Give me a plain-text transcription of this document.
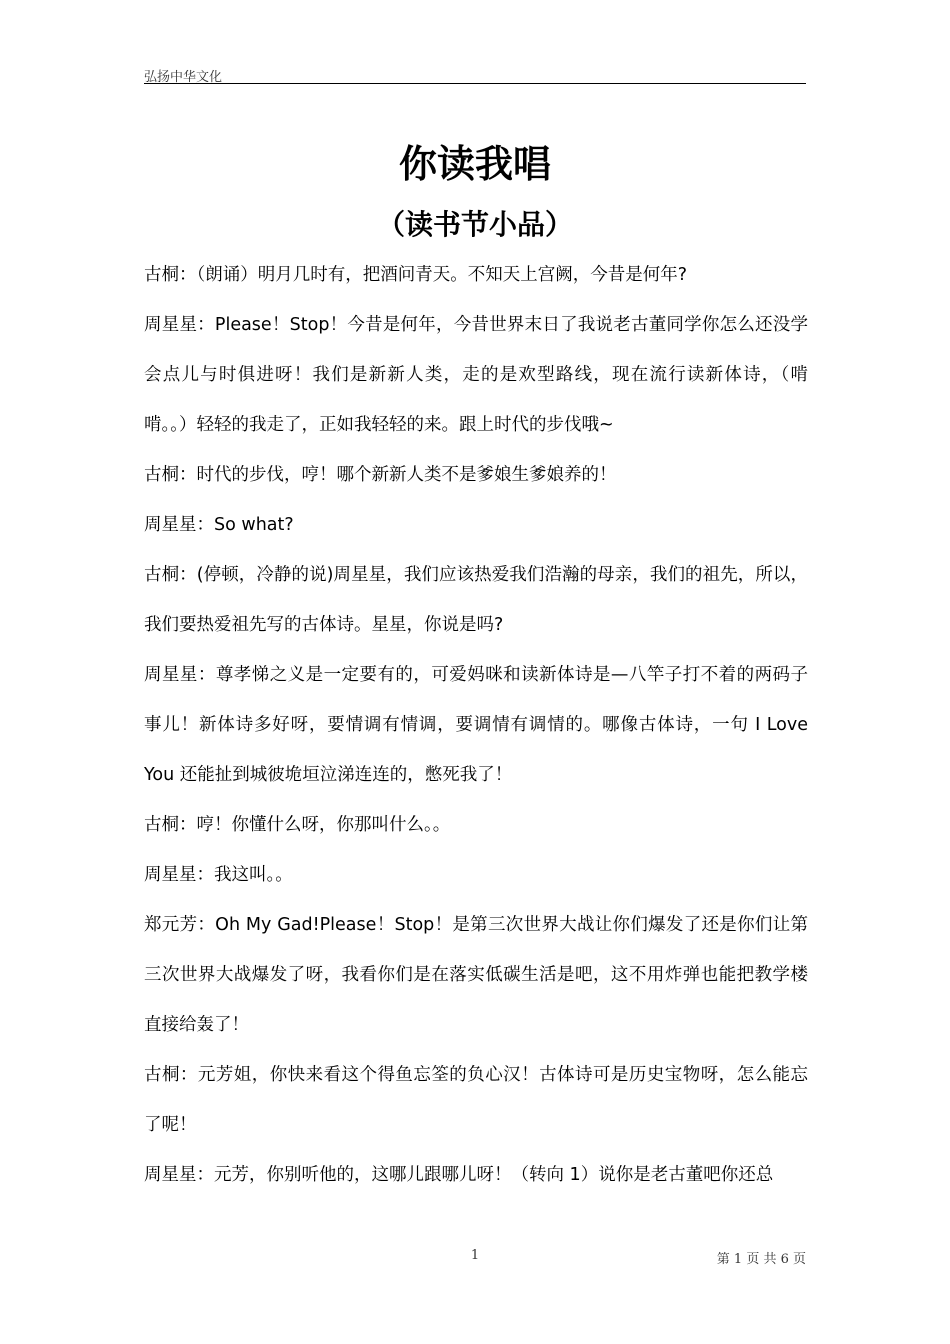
弘扬中华文化
你读我唱
（读书节小品）

古桐：（朗诵）明月几时有，把酒问青天。不知天上宫阙，今昔是何年?

周星星：Please！Stop！今昔是何年，今昔世界末日了我说老古董同学你怎么还没学会点儿与时俱进呀！我们是新新人类，走的是欢型路线，现在流行读新体诗，（啃啃。。）轻轻的我走了，正如我轻轻的来。跟上时代的步伐哦~

古桐：时代的步伐，哼！哪个新新人类不是爹娘生爹娘养的！

周星星：So what?

古桐：(停顿，冷静的说)周星星，我们应该热爱我们浩瀚的母亲，我们的祖先，所以，我们要热爱祖先写的古体诗。星星，你说是吗?

周星星：尊孝悌之义是一定要有的，可爱妈咪和读新体诗是—八竿子打不着的两码子事儿！新体诗多好呀，要情调有情调，要调情有调情的。哪像古体诗，一句 I Love You 还能扯到城彼垝垣泣涕连连的，憋死我了！

古桐：哼！你懂什么呀，你那叫什么。。

周星星：我这叫。。

郑元芳：Oh My Gad!Please！Stop！是第三次世界大战让你们爆发了还是你们让第三次世界大战爆发了呀，我看你们是在落实低碳生活是吧，这不用炸弹也能把教学楼直接给轰了！

古桐：元芳姐，你快来看这个得鱼忘筌的负心汉！古体诗可是历史宝物呀，怎么能忘了呢！

周星星：元芳，你别听他的，这哪儿跟哪儿呀！（转向 1）说你是老古董吧你还总

1	第 1 页 共 6 页
